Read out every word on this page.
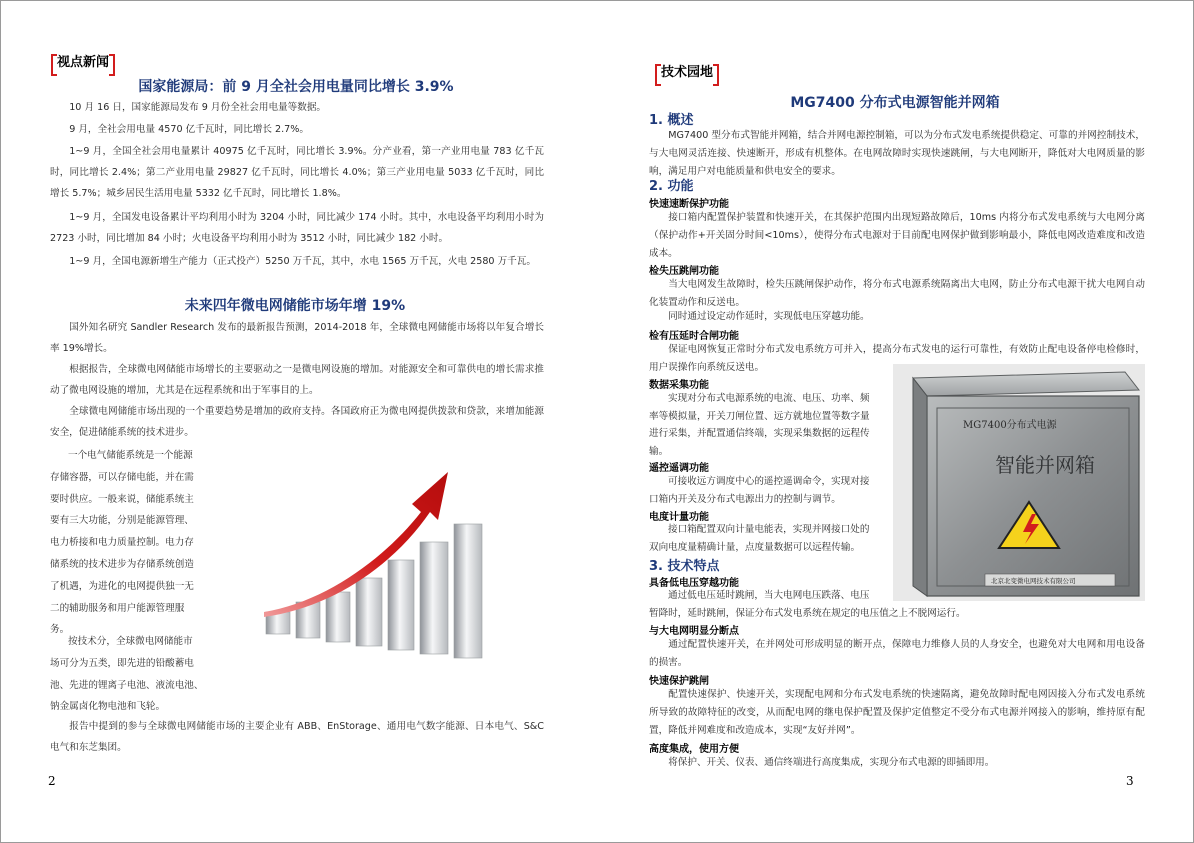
视点新闻
国家能源局：前 9 月全社会用电量同比增长 3.9%

10 月 16 日，国家能源局发布 9 月份全社会用电量等数据。

9 月，全社会用电量 4570 亿千瓦时，同比增长 2.7%。

1~9 月，全国全社会用电量累计 40975 亿千瓦时，同比增长 3.9%。分产业看，第一产业用电量 783 亿千瓦时，同比增长 2.4%；第二产业用电量 29827 亿千瓦时，同比增长 4.0%；第三产业用电量 5033 亿千瓦时，同比增长 5.7%；城乡居民生活用电量 5332 亿千瓦时，同比增长 1.8%。

1~9 月，全国发电设备累计平均利用小时为 3204 小时，同比减少 174 小时。其中，水电设备平均利用小时为 2723 小时，同比增加 84 小时；火电设备平均利用小时为 3512 小时，同比减少 182 小时。

1~9 月，全国电源新增生产能力（正式投产）5250 万千瓦，其中，水电 1565 万千瓦，火电 2580 万千瓦。

未来四年微电网储能市场年增 19%

国外知名研究 Sandler Research 发布的最新报告预测，2014-2018 年，全球微电网储能市场将以年复合增长率 19%增长。

根据报告，全球微电网储能市场增长的主要驱动之一是微电网设施的增加。对能源安全和可靠供电的增长需求推动了微电网设施的增加，尤其是在远程系统和出于军事目的上。

全球微电网储能市场出现的一个重要趋势是增加的政府支持。各国政府正为微电网提供拨款和贷款，来增加能源安全，促进储能系统的技术进步。

一个电气储能系统是一个能源
存储容器，可以存储电能，并在需
要时供应。一般来说，储能系统主
要有三大功能，分别是能源管理、
电力桥接和电力质量控制。电力存
储系统的技术进步为存储系统创造
了机遇，为进化的电网提供独一无
二的辅助服务和用户能源管理服
务。
按技术分，全球微电网储能市
场可分为五类，即先进的铅酸蓄电
池、先进的锂离子电池、液流电池、
钠金属卤化物电池和飞轮。

报告中提到的参与全球微电网储能市场的主要企业有 ABB、EnStorage、通用电气数字能源、日本电气、S&C 电气和东芝集团。

2
技术园地
MG7400 分布式电源智能并网箱
1. 概述

MG7400 型分布式智能并网箱，结合并网电源控制箱，可以为分布式发电系统提供稳定、可靠的并网控制技术，与大电网灵活连接、快速断开，形成有机整体。在电网故障时实现快速跳闸，与大电网断开，降低对大电网质量的影响，满足用户对电能质量和供电安全的要求。

2. 功能
快速速断保护功能

接口箱内配置保护装置和快速开关，在其保护范围内出现短路故障后，10ms 内将分布式发电系统与大电网分离（保护动作+开关固分时间<10ms），使得分布式电源对于目前配电网保护做到影响最小，降低电网改造难度和改造成本。

检失压跳闸功能

当大电网发生故障时，检失压跳闸保护动作，将分布式电源系统隔离出大电网，防止分布式电源干扰大电网自动化装置动作和反送电。

同时通过设定动作延时，实现低电压穿越功能。

检有压延时合闸功能

保证电网恢复正常时分布式发电系统方可并入，提高分布式发电的运行可靠性，有效防止配电设备停电检修时，用户误操作向系统反送电。

数据采集功能
实现对分布式电源系统的电流、电压、功率、频
率等模拟量，开关刀闸位置、远方就地位置等数字量
进行采集，并配置通信终端，实现采集数据的远程传
输。
遥控遥调功能
可接收远方调度中心的遥控遥调命令，实现对接
口箱内开关及分布式电源出力的控制与调节。
电度计量功能
接口箱配置双向计量电能表，实现并网接口处的
双向电度量精确计量，点度量数据可以远程传输。
3. 技术特点
具备低电压穿越功能
通过低电压延时跳闸，当大电网电压跌落、电压
暂降时，延时跳闸，保证分布式发电系统在规定的电压值之上不脱网运行。
与大电网明显分断点

通过配置快速开关，在并网处可形成明显的断开点，保障电力维修人员的人身安全，也避免对大电网和用电设备的损害。

快速保护跳闸

配置快速保护、快速开关，实现配电网和分布式发电系统的快速隔离，避免故障时配电网因接入分布式发电系统所导致的故障特征的改变，从而配电网的继电保护配置及保护定值整定不受分布式电源并网接入的影响，维持原有配置，降低并网难度和改造成本，实现“友好并网”。

高度集成，使用方便

将保护、开关、仪表、通信终端进行高度集成，实现分布式电源的即插即用。

MG7400分布式电源
智能并网箱
北京北变微电网技术有限公司
3
